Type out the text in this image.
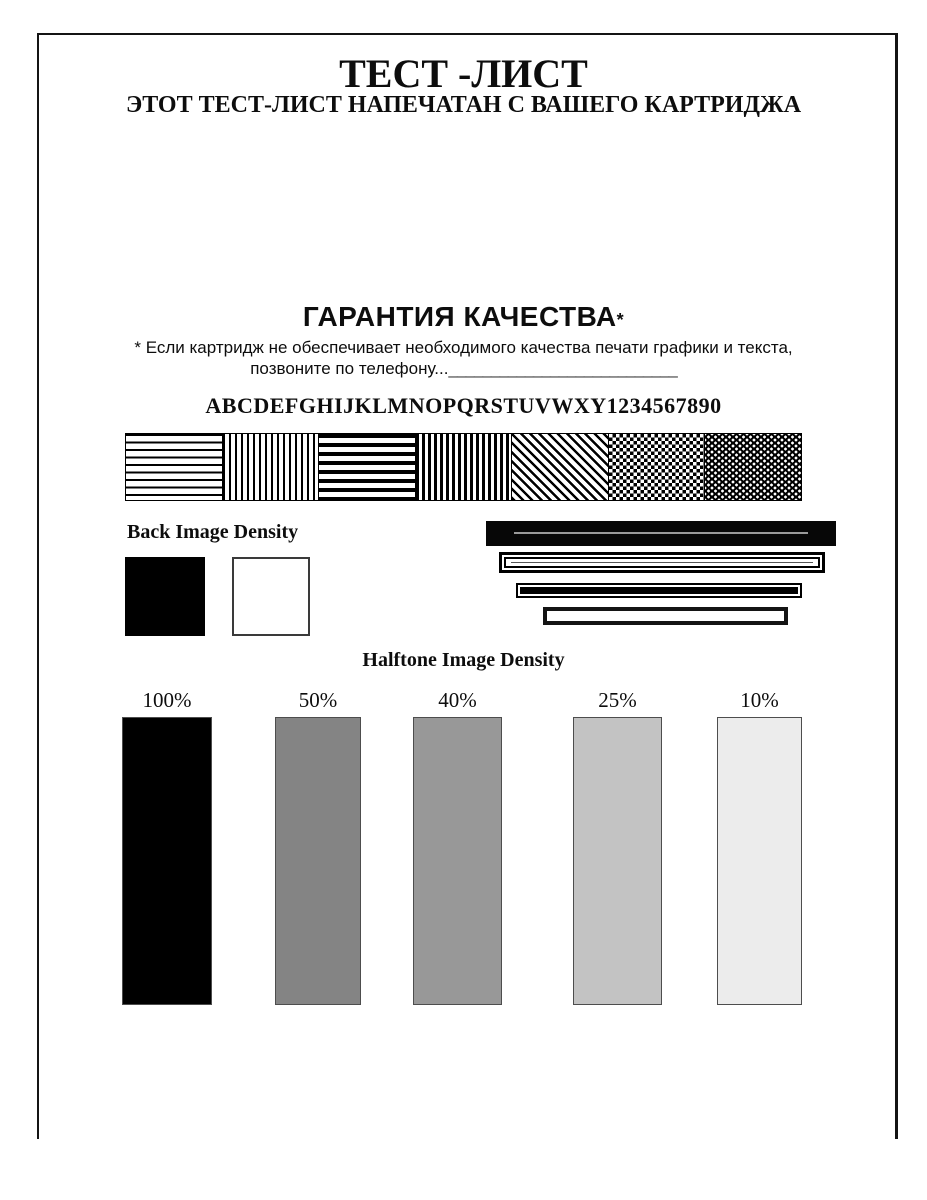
ТЕСТ -ЛИСТ
ЭТОТ ТЕСТ-ЛИСТ НАПЕЧАТАН С ВАШЕГО КАРТРИДЖА
ГАРАНТИЯ КАЧЕСТВА*
* Если картридж не обеспечивает необходимого качества печати графики и текста,
позвоните по телефону...___________________________
ABCDEFGHIJKLMNOPQRSTUVWXY1234567890
Back Image Density
Halftone Image Density
100%	50%	40%	25%	10%
